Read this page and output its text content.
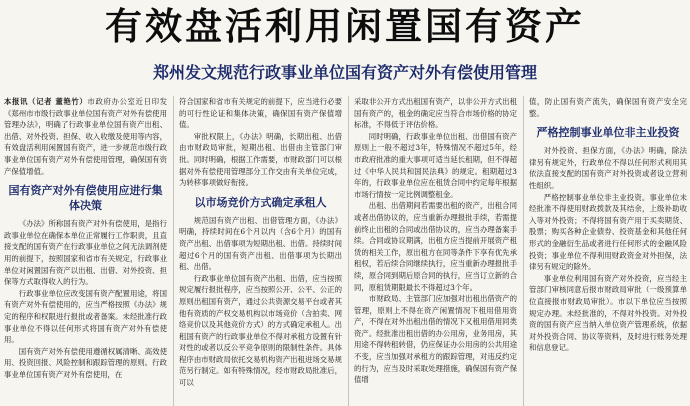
有效盘活利用闲置国有资产
郑州发文规范行政事业单位国有资产对外有偿使用管理

本报讯（记者 董艳竹）市政府办公室近日印发《郑州市市级行政事业单位国有资产对外有偿使用管理办法》，明确了行政事业单位国有资产出租、出借、对外投资、担保、收入收缴及使用等内容，有效盘活利用闲置国有资产，进一步规范市级行政事业单位国有资产对外有偿使用管理，确保国有资产保值增值。

国有资产对外有偿使用应进行集体决策

《办法》所称国有资产对外有偿使用，是指行政事业单位在确保本单位正常履行工作职责，且直接支配的国有资产在行政事业单位之间无法调剂使用的前提下，按照国家和省市有关规定，行政事业单位对闲置国有资产以出租、出借、对外投资、担保等方式取得收入的行为。

行政事业单位应改变国有资产配置用途，将国有资产对外有偿使用的，应当严格按照《办法》规定的程序和权限进行报批或者备案。未经批准行政事业单位不得以任何形式将国有资产对外有偿使用。

国有资产对外有偿使用遵循权属清晰、高效使用、投资回报、风险控制和跟踪管理的原则。行政事业单位国有资产对外有偿使用，在

符合国家和省市有关规定的前提下，应当进行必要的可行性论证和集体决策，确保国有资产保值增值。

审批权限上，《办法》明确，长期出租、出借由市财政局审批，短期出租、出借由主管部门审批。同时明确，根据工作需要，市财政部门可以根据对外有偿使用管理部分工作交由有关单位完成，为转移事项做好衔接。

以市场竞价方式确定承租人

规范国有资产出租、出借管理方面，《办法》明确，持续时间在6个月以内（含6个月）的国有资产出租、出借事项为短期出租、出借。持续时间超过6个月的国有资产出租、出借事项为长期出租、出借。

行政事业单位国有资产出租、出借，应当按照规定履行报批程序，应当按照公开、公平、公正的原则出租国有资产，通过公共资源交易平台或者其他有资质的产权交易机构以市场竞价（含拍卖、网络竞价以及其他竞价方式）的方式确定承租人。出租国有资产的行政事业单位不得对承租方设置有针对性的或者以反公平竞争原则的限制性条件。具体程序由市财政局依托交易机构资产出租进场交易规范另行制定。如有特殊情况，经市财政局批准后，可以

采取非公开方式出租国有资产，以非公开方式出租国有资产的，租金的确定应当符合市场价格的协定标准，不得低于评估价格。

同时明确，行政事业单位出租、出借国有资产原则上一般不超过3年，特殊情况不超过5年，经市政府批准的重大事项可适当延长租期，但不得超过《中华人民共和国民法典》的规定。租期超过3年的，行政事业单位应在租赁合同中约定每年根据市场行情按一定比例调整租金。

出租、出借期间若需要出租的资产，出租合同或者出借协议的，应当重新办理报批手续，若需提前终止出租的合同或出借协议的，应当办理备案手续。合同或协议期满，出租方应当提前开展资产租赁的相关工作，原出租方在同等条件下享有优先承租权，若后续合同继续执行，应当重新办理报批手续，原合同到期后原合同的执行，应当订立新的合同，原租赁期限最长不得超过3个年。

市财政局、主管部门应加强对出租出借资产的管理，原则上不得在资产闲置情况下租用借用资产，不得在对外出租出借的情况下又租用借用同类资产。经批准出租出借的办公用房，业务用房，其用途不得转租转借，仍应保证办公用房的公共用途不变，应当加强对承租方的跟踪管理，对违反约定的行为，应当及时采取处理措施，确保国有资产保值增

值，防止国有资产流失，确保国有资产安全完整。

严格控制事业单位非主业投资

对外投资、担保方面，《办法》明确，除法律另有规定外，行政单位不得以任何形式利用其依法直接支配的国有资产对外投资或者设立营利性组织。

严格控制事业单位非主业投资。事业单位未经批准不得使用财政拨款及其结余，上级补助收入等对外投资；不得将国有资产用于买卖期货、股票；购买各种企业债券、投资基金和其他任何形式的金融衍生品或者进行任何形式的金融风险投资；事业单位不得利用财政资金对外担保，法律另有规定的除外。

事业单位利用国有资产对外投资，应当经主管部门审核同意后报市财政局审批（一级预算单位直接报市财政局审批）。市以下单位应当按照规定办理。未经批准的，不得对外投资。对外投资的国有资产应当纳入单位资产管理系统，依据对外投资合同、协议等资料，及时进行账务处理和信息登记。
